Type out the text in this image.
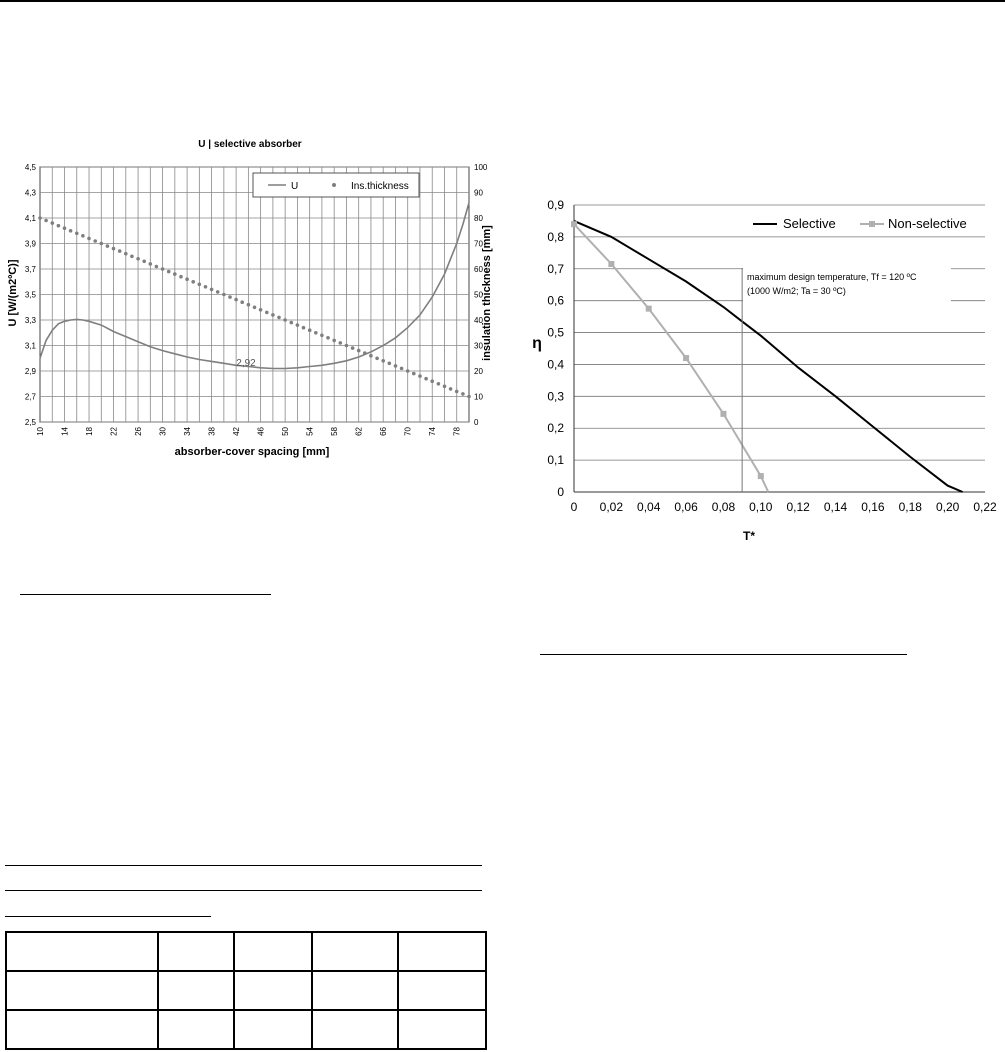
U | selective absorber
10 14 18 22 26 30 34 38 42 46 50 54 58 62 66 70 74 78
2,5
2,7
2,9
3,1
3,3
3,5
3,7
3,9
4,1
4,3
4,5
0
10
20
30
40
50
60
70
80
90
100
2,92
absorber-cover spacing [mm]
U [W/(m2ºC)]	insulation thickness [mm]
U	Ins.thickness
0 0,02 0,04 0,06 0,08 0,10 0,12 0,14 0,16 0,18 0,20 0,22
0
0,1
0,2
0,3
0,4
0,5
0,6
0,7
0,8
0,9
maximum design temperature, Tf = 120 ºC
(1000 W/m2; Ta = 30 ºC)
T*
η
Selective	Non-selective
